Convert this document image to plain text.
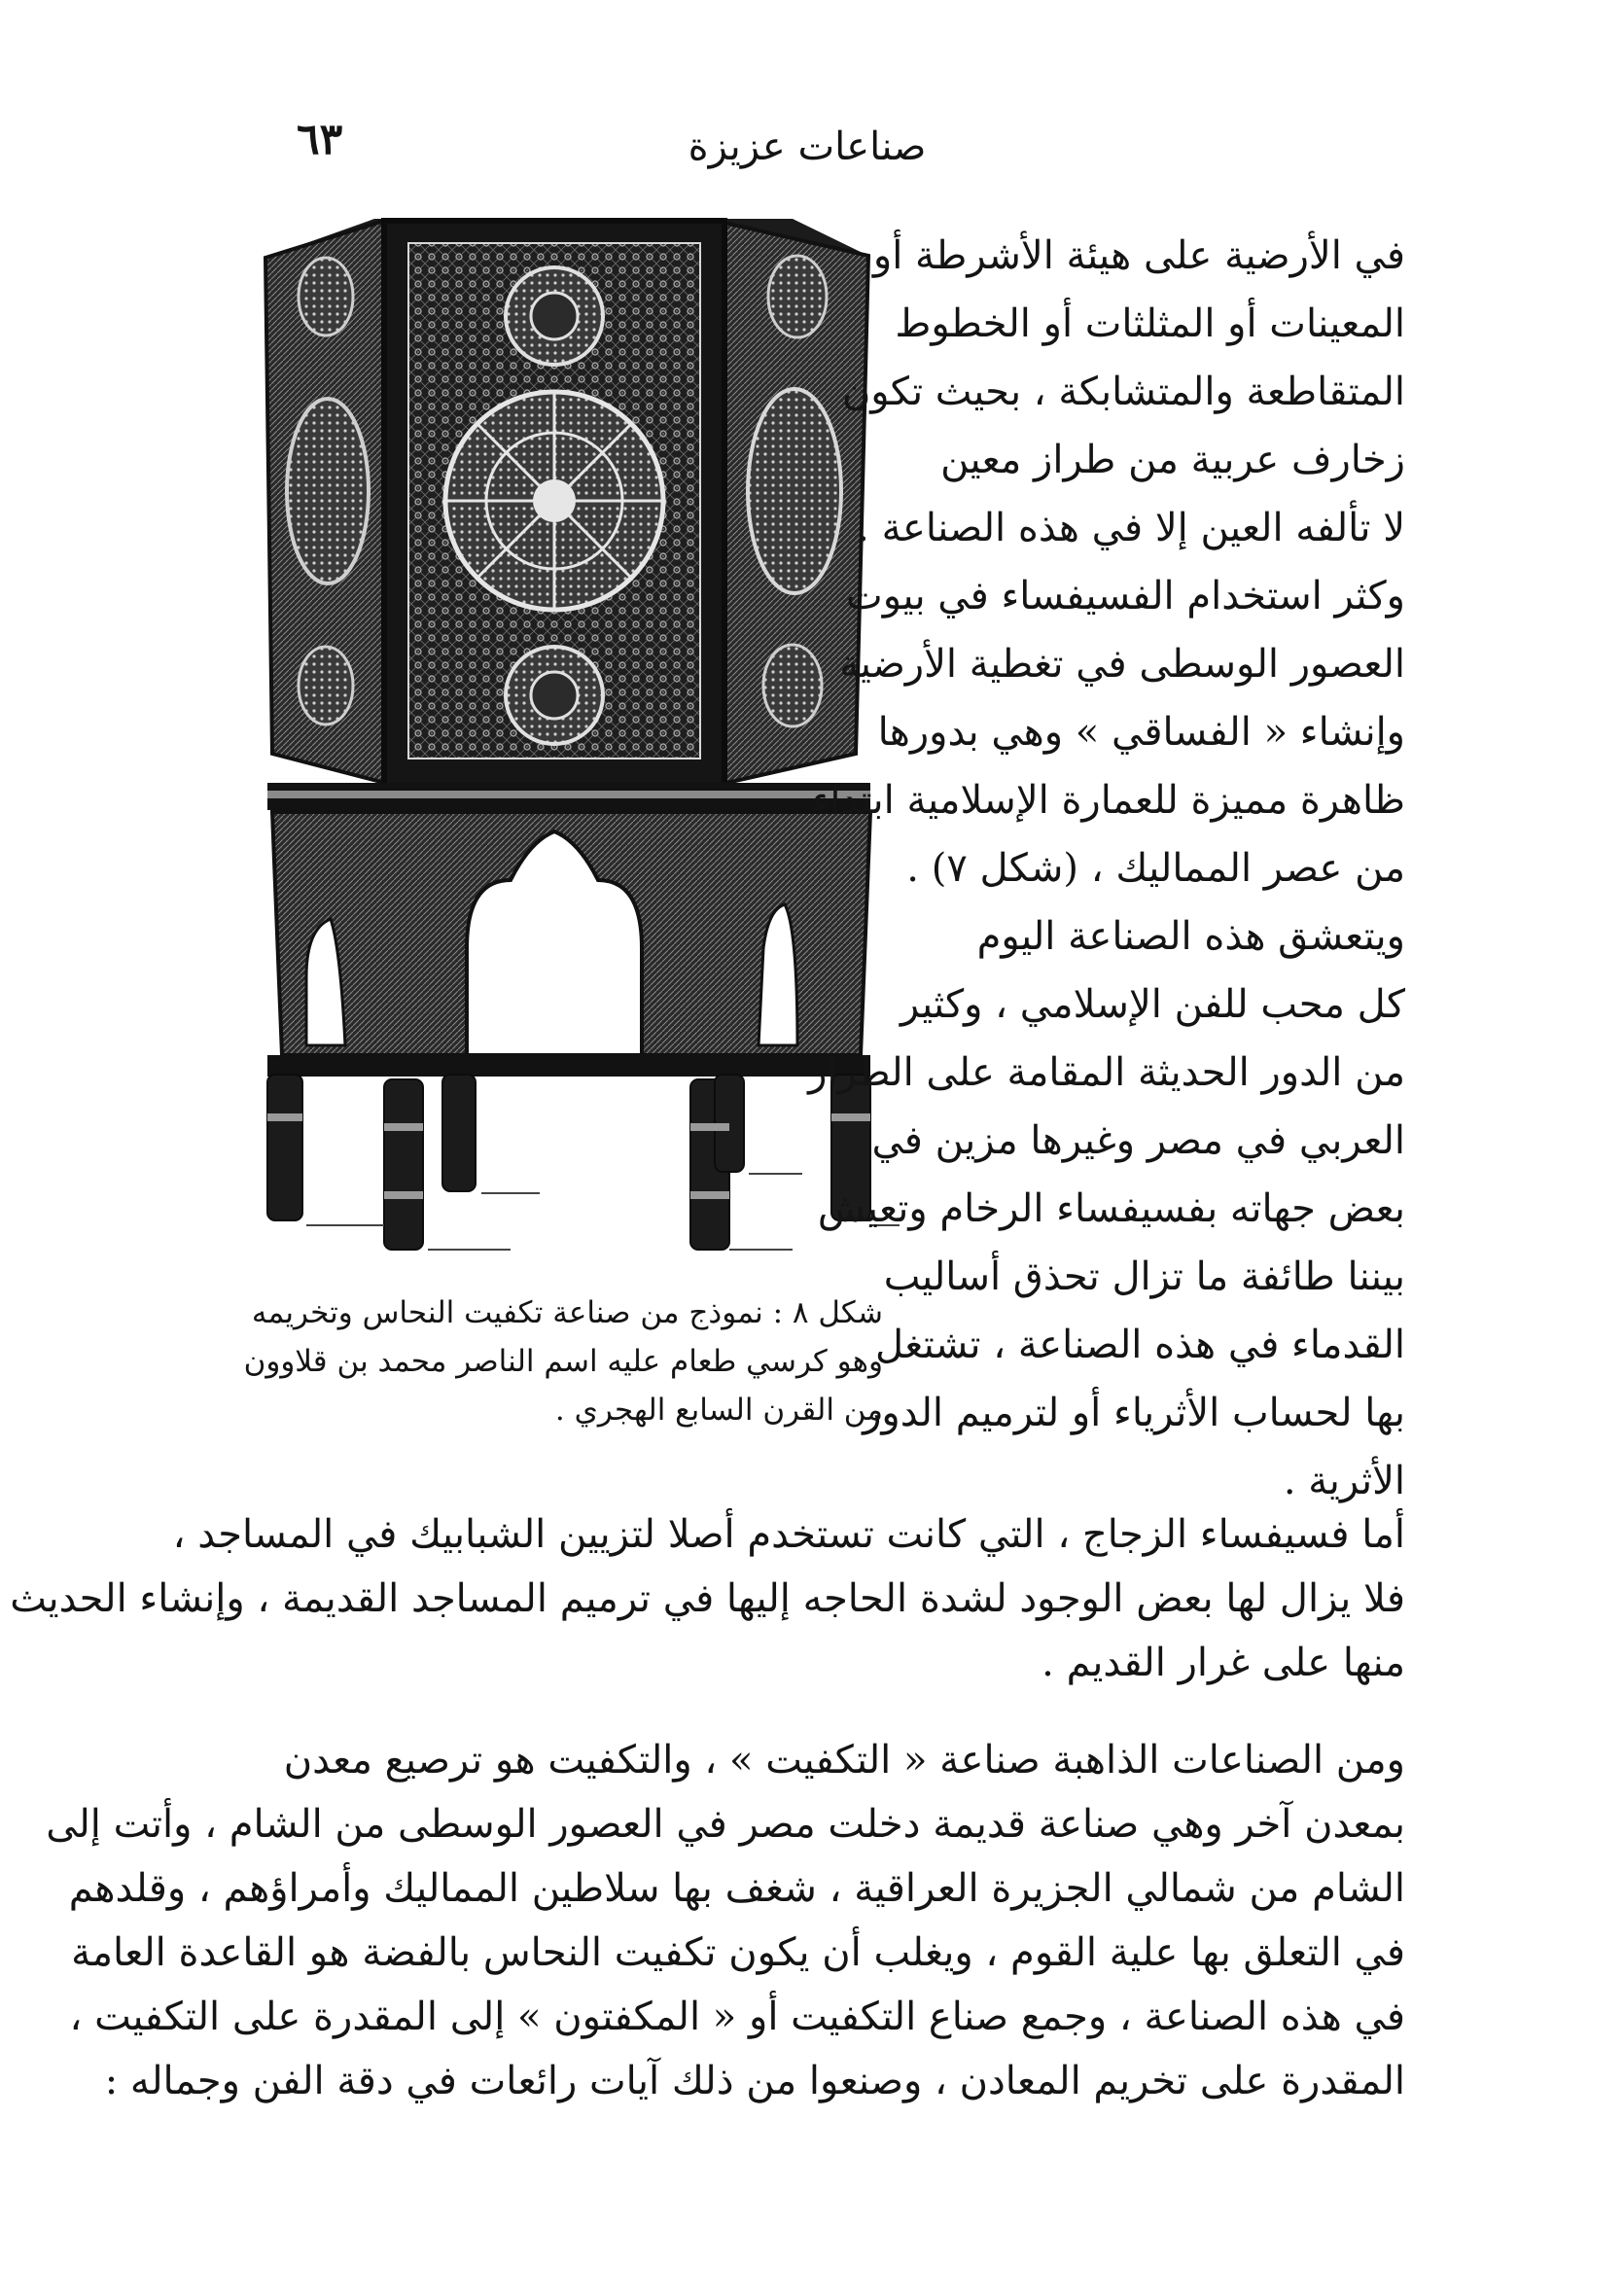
٦٣	صناعات عزيزة
شكل ٨ : نموذج من صناعة تكفيت النحاس وتخريمه
وهو كرسي طعام عليه اسم الناصر محمد بن قلاوون
من القرن السابع الهجري .
في الأرضية على هيئة الأشرطة أو
المعينات أو المثلثات أو الخطوط
المتقاطعة والمتشابكة ، بحيث تكون
زخارف عربية من طراز معين
لا تألفه العين إلا في هذه الصناعة .
وكثر استخدام الفسيفساء في بيوت
العصور الوسطى في تغطية الأرضية
وإنشاء « الفساقي » وهي بدورها
ظاهرة مميزة للعمارة الإسلامية ابتداء
من عصر المماليك ، (شكل ٧) .
ويتعشق هذه الصناعة اليوم
كل محب للفن الإسلامي ، وكثير
من الدور الحديثة المقامة على الطراز
العربي في مصر وغيرها مزين في
بعض جهاته بفسيفساء الرخام وتعيش
بيننا طائفة ما تزال تحذق أساليب
القدماء في هذه الصناعة ، تشتغل
بها لحساب الأثرياء أو لترميم الدور
الأثرية .
أما فسيفساء الزجاج ، التي كانت تستخدم أصلا لتزيين الشبابيك في المساجد ،
فلا يزال لها بعض الوجود لشدة الحاجه إليها في ترميم المساجد القديمة ، وإنشاء الحديث
منها على غرار القديم .
ومن الصناعات الذاهبة صناعة « التكفيت » ، والتكفيت هو ترصيع معدن
بمعدن آخر وهي صناعة قديمة دخلت مصر في العصور الوسطى من الشام ، وأتت إلى
الشام من شمالي الجزيرة العراقية ، شغف بها سلاطين المماليك وأمراؤهم ، وقلدهم
في التعلق بها علية القوم ، ويغلب أن يكون تكفيت النحاس بالفضة هو القاعدة العامة
في هذه الصناعة ، وجمع صناع التكفيت أو « المكفتون » إلى المقدرة على التكفيت ،
المقدرة على تخريم المعادن ، وصنعوا من ذلك آيات رائعات في دقة الفن وجماله :
